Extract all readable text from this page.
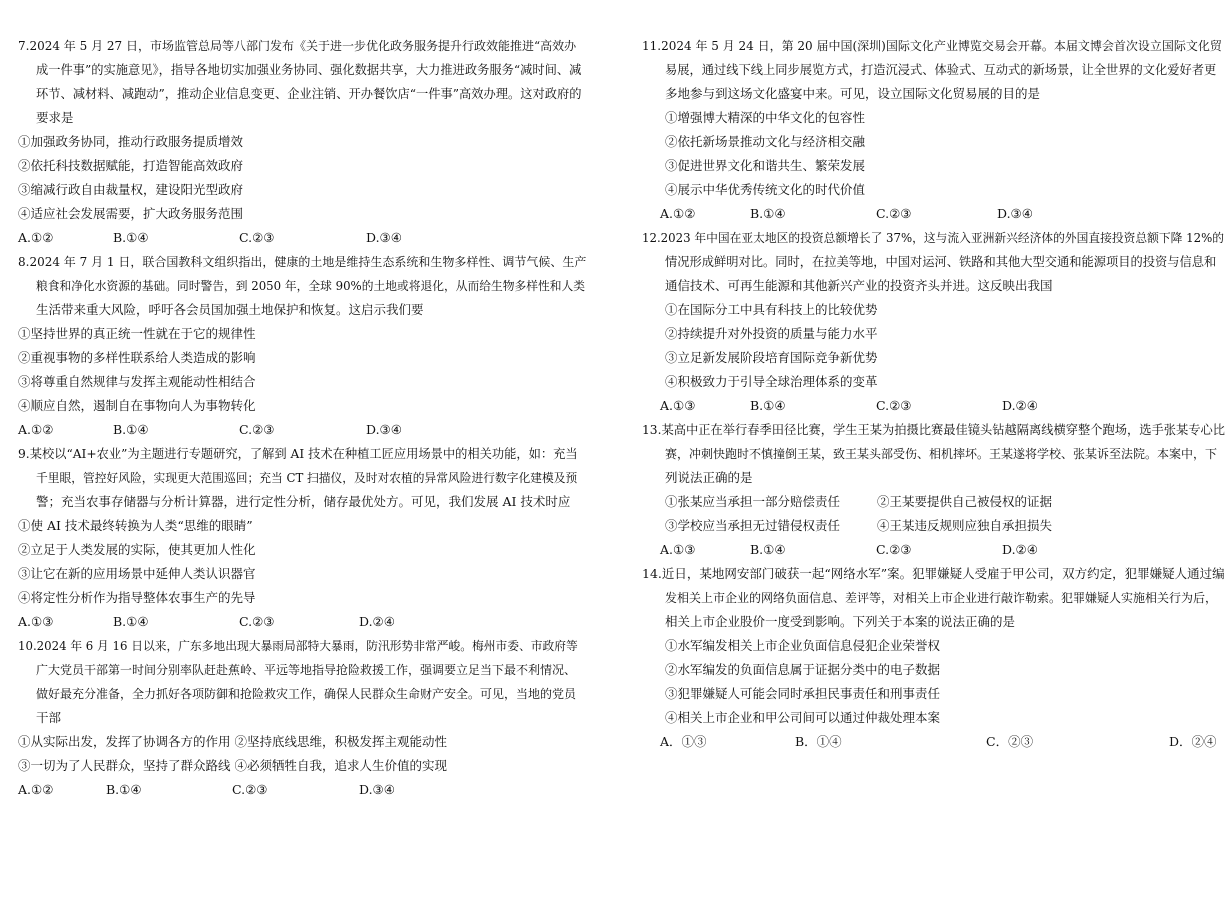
7.2024 年 5 月 27 日，市场监管总局等八部门发布《关于进一步优化政务服务提升行政效能推进“高效办
成一件事”的实施意见》，指导各地切实加强业务协同、强化数据共享，大力推进政务服务“减时间、减
环节、减材料、减跑动”，推动企业信息变更、企业注销、开办餐饮店“一件事”高效办理。这对政府的
要求是
①加强政务协同，推动行政服务提质增效
②依托科技数据赋能，打造智能高效政府
③缩减行政自由裁量权，建设阳光型政府
④适应社会发展需要，扩大政务服务范围
A.①②	B.①④	C.②③	D.③④
8.2024 年 7 月 1 日，联合国教科文组织指出，健康的土地是维持生态系统和生物多样性、调节气候、生产
粮食和净化水资源的基础。同时警告，到 2050 年，全球 90%的土地或将退化，从而给生物多样性和人类
生活带来重大风险，呼吁各会员国加强土地保护和恢复。这启示我们要
①坚持世界的真正统一性就在于它的规律性
②重视事物的多样性联系给人类造成的影响
③将尊重自然规律与发挥主观能动性相结合
④顺应自然，遏制自在事物向人为事物转化
A.①②	B.①④	C.②③	D.③④
9.某校以“AI+农业”为主题进行专题研究，了解到 AI 技术在种植工匠应用场景中的相关功能，如：充当
千里眼，管控好风险，实现更大范围巡回；充当 CT 扫描仪，及时对农植的异常风险进行数字化建模及预
警；充当农事存储器与分析计算器，进行定性分析，储存最优处方。可见，我们发展 AI 技术时应
①使 AI 技术最终转换为人类“思维的眼睛”
②立足于人类发展的实际，使其更加人性化
③让它在新的应用场景中延伸人类认识器官
④将定性分析作为指导整体农事生产的先导
A.①③	B.①④	C.②③	D.②④
10.2024 年 6 月 16 日以来，广东多地出现大暴雨局部特大暴雨，防汛形势非常严峻。梅州市委、市政府等
广大党员干部第一时间分别率队赶赴蕉岭、平远等地指导抢险救援工作，强调要立足当下最不利情况、
做好最充分准备，全力抓好各项防御和抢险救灾工作，确保人民群众生命财产安全。可见，当地的党员
干部
①从实际出发，发挥了协调各方的作用 ②坚持底线思维，积极发挥主观能动性
③一切为了人民群众，坚持了群众路线 ④必须牺牲自我，追求人生价值的实现
A.①②	B.①④	C.②③	D.③④
11.2024 年 5 月 24 日，第 20 届中国(深圳)国际文化产业博览交易会开幕。本届文博会首次设立国际文化贸
易展，通过线下线上同步展览方式，打造沉浸式、体验式、互动式的新场景，让全世界的文化爱好者更
多地参与到这场文化盛宴中来。可见，设立国际文化贸易展的目的是
①增强博大精深的中华文化的包容性
②依托新场景推动文化与经济相交融
③促进世界文化和谐共生、繁荣发展
④展示中华优秀传统文化的时代价值
A.①②	B.①④	C.②③	D.③④
12.2023 年中国在亚太地区的投资总额增长了 37%，这与流入亚洲新兴经济体的外国直接投资总额下降 12%的
情况形成鲜明对比。同时，在拉美等地，中国对运河、铁路和其他大型交通和能源项目的投资与信息和
通信技术、可再生能源和其他新兴产业的投资齐头并进。这反映出我国
①在国际分工中具有科技上的比较优势
②持续提升对外投资的质量与能力水平
③立足新发展阶段培育国际竞争新优势
④积极致力于引导全球治理体系的变革
A.①③	B.①④	C.②③	D.②④
13.某高中正在举行春季田径比赛，学生王某为拍摄比赛最佳镜头钻越隔离线横穿整个跑场，选手张某专心比
赛，冲刺快跑时不慎撞倒王某，致王某头部受伤、相机摔坏。王某遂将学校、张某诉至法院。本案中，下
列说法正确的是
①张某应当承担一部分赔偿责任	②王某要提供自己被侵权的证据
③学校应当承担无过错侵权责任	④王某违反规则应独自承担损失
A.①③	B.①④	C.②③	D.②④
14.近日，某地网安部门破获一起“网络水军”案。犯罪嫌疑人受雇于甲公司，双方约定，犯罪嫌疑人通过编
发相关上市企业的网络负面信息、差评等，对相关上市企业进行敲诈勒索。犯罪嫌疑人实施相关行为后，
相关上市企业股价一度受到影响。下列关于本案的说法正确的是
①水军编发相关上市企业负面信息侵犯企业荣誉权
②水军编发的负面信息属于证据分类中的电子数据
③犯罪嫌疑人可能会同时承担民事责任和刑事责任
④相关上市企业和甲公司间可以通过仲裁处理本案
A．①③	B．①④	C．②③	D．②④
